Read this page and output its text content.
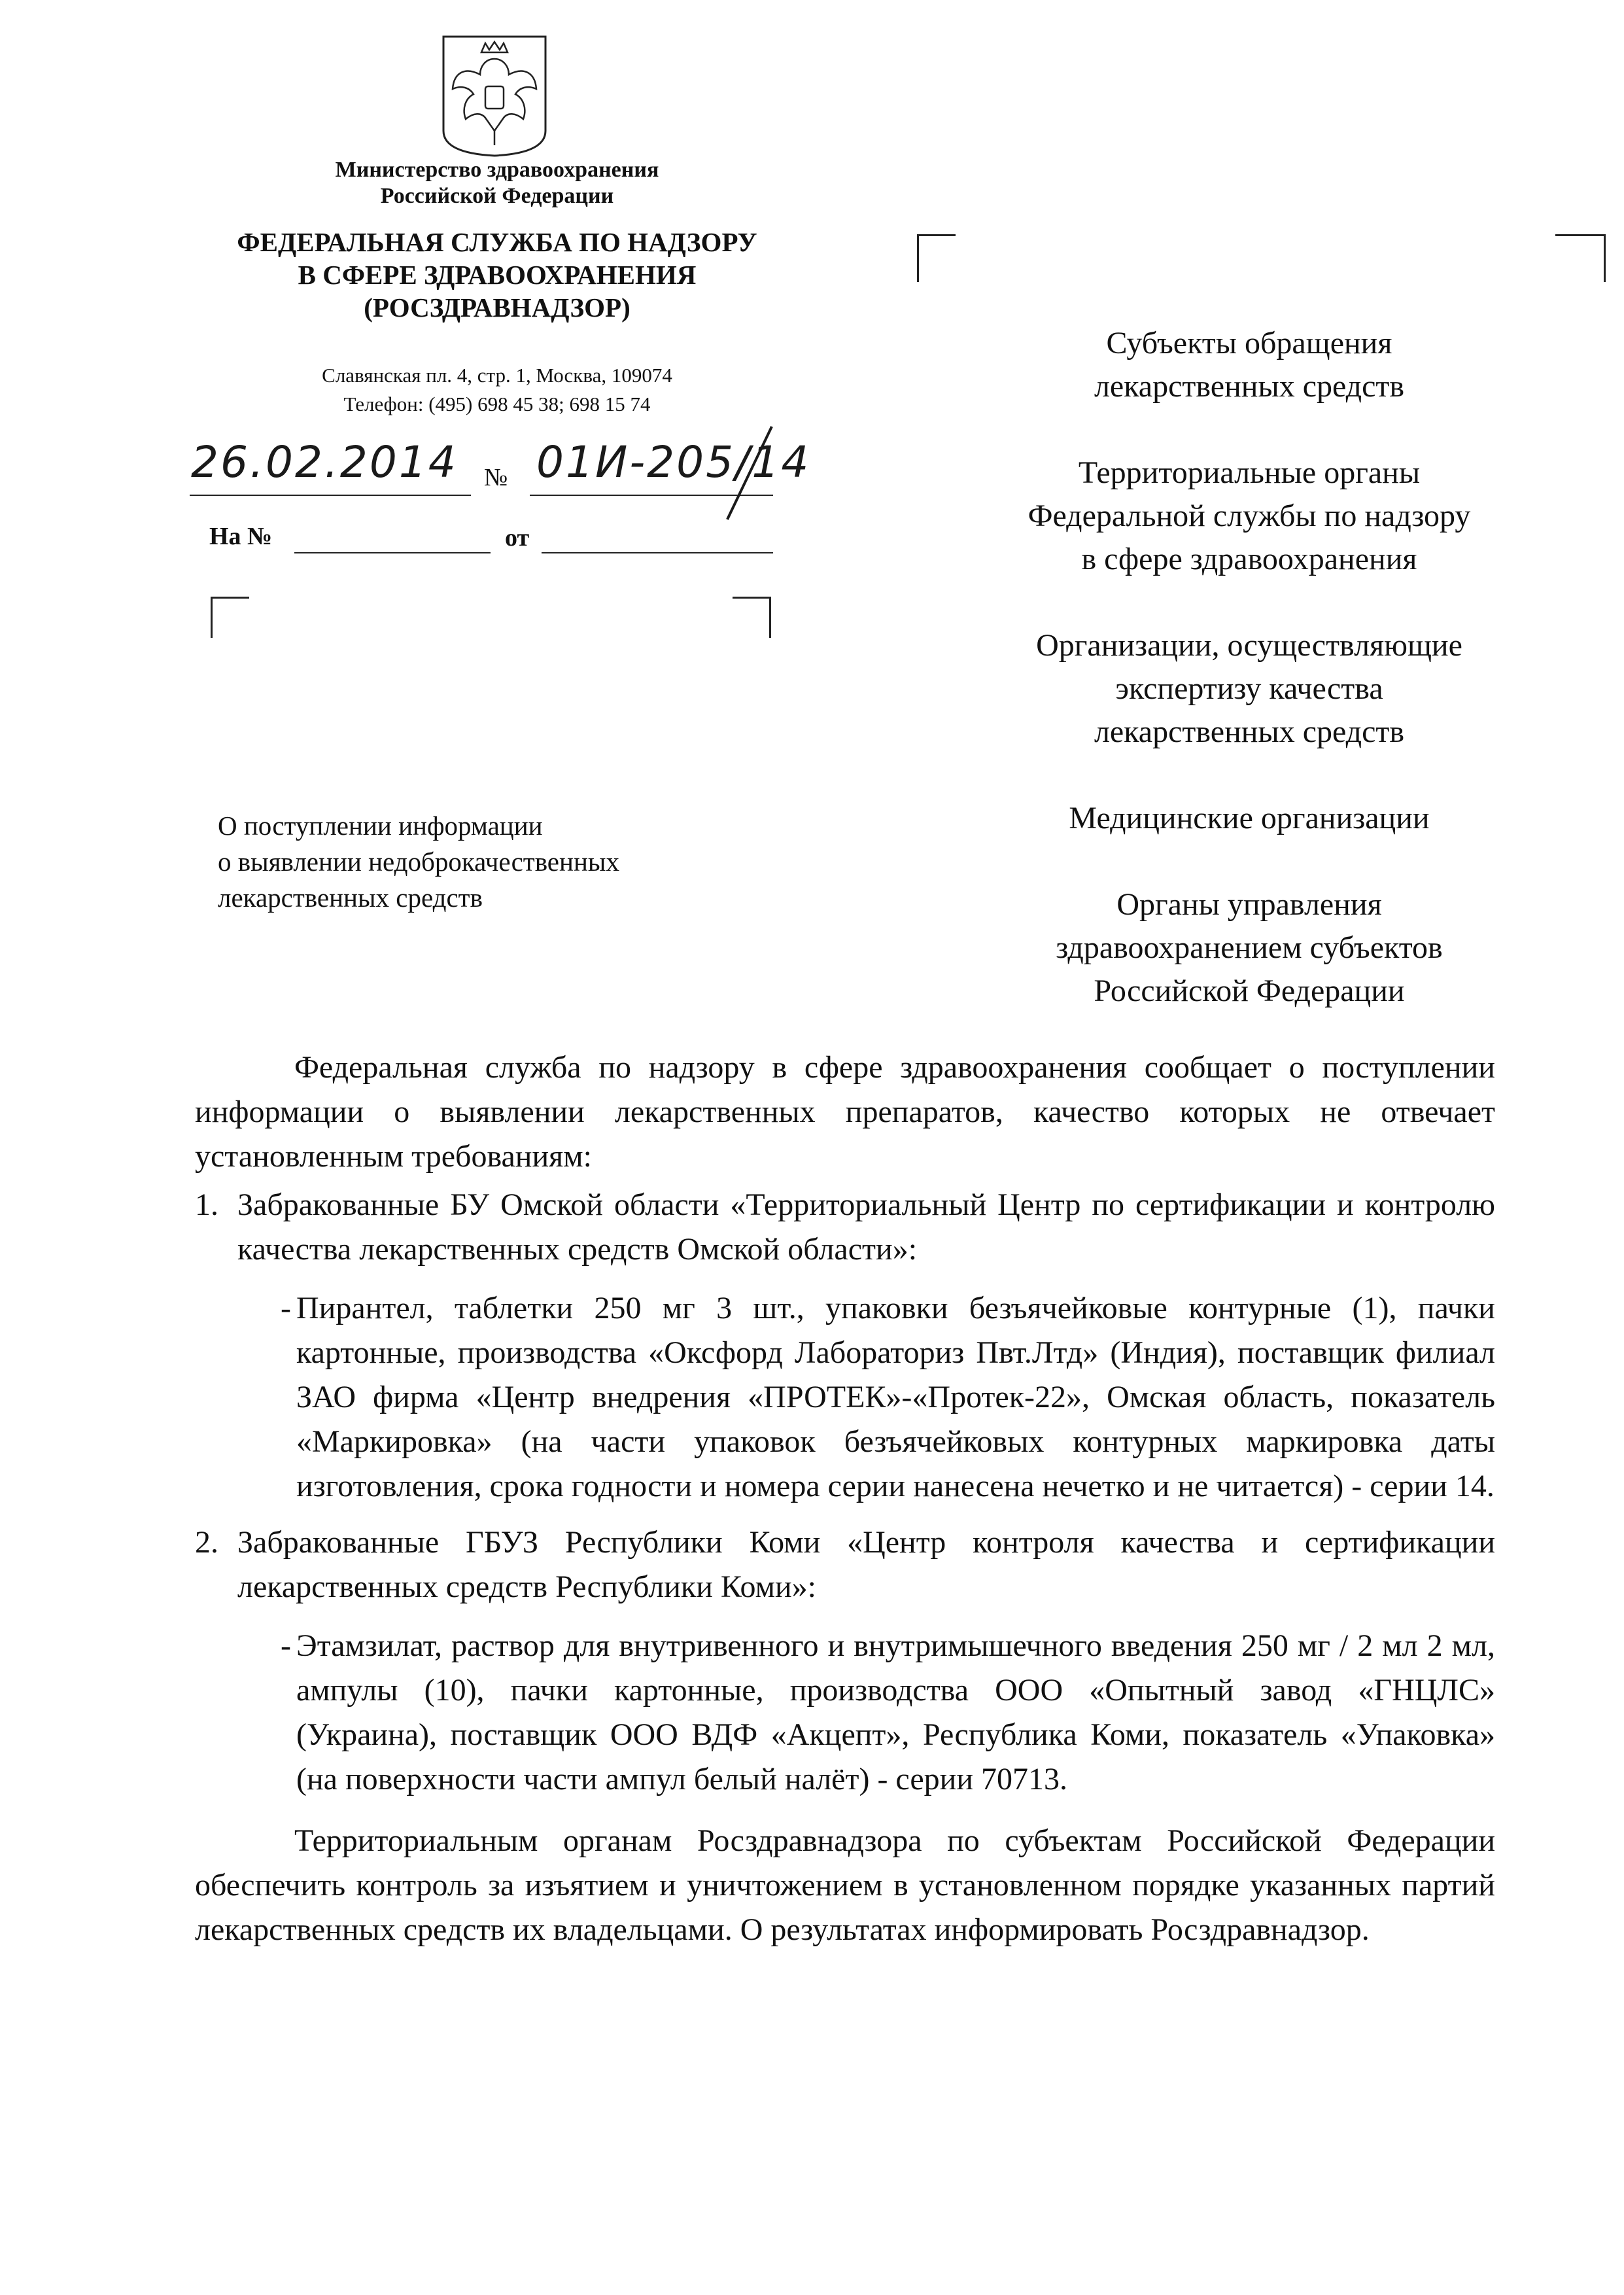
Министерство здравоохранения
Российской Федерации
ФЕДЕРАЛЬНАЯ СЛУЖБА ПО НАДЗОРУ
В СФЕРЕ ЗДРАВООХРАНЕНИЯ
(РОСЗДРАВНАДЗОР)
Славянская пл. 4, стр. 1, Москва, 109074
Телефон: (495) 698 45 38; 698 15 74
26.02.2014 № 01И-205/14
На №	от
О поступлении информации
о выявлении недоброкачественных
лекарственных средств
Субъекты обращения
лекарственных средств
Территориальные органы
Федеральной службы по надзору
в сфере здравоохранения
Организации, осуществляющие
экспертизу качества
лекарственных средств
Медицинские организации
Органы управления
здравоохранением субъектов
Российской Федерации

Федеральная служба по надзору в сфере здравоохранения сообщает о поступлении информации о выявлении лекарственных препаратов, качество которых не отвечает установленным требованиям:

1. Забракованные БУ Омской области «Территориальный Центр по сертификации и контролю качества лекарственных средств Омской области»:
- Пирантел, таблетки 250 мг 3 шт., упаковки безъячейковые контурные (1), пачки картонные, производства «Оксфорд Лабораториз Пвт.Лтд» (Индия), поставщик филиал ЗАО фирма «Центр внедрения «ПРОТЕК»-«Протек-22», Омская область, показатель «Маркировка» (на части упаковок безъячейковых контурных маркировка даты изготовления, срока годности и номера серии нанесена нечетко и не читается) - серии 14.
2. Забракованные ГБУЗ Республики Коми «Центр контроля качества и сертификации лекарственных средств Республики Коми»:
- Этамзилат, раствор для внутривенного и внутримышечного введения 250 мг / 2 мл 2 мл, ампулы (10), пачки картонные, производства ООО «Опытный завод «ГНЦЛС» (Украина), поставщик ООО ВДФ «Акцепт», Республика Коми, показатель «Упаковка» (на поверхности части ампул белый налёт) - серии 70713.

Территориальным органам Росздравнадзора по субъектам Российской Федерации обеспечить контроль за изъятием и уничтожением в установленном порядке указанных партий лекарственных средств их владельцами. О результатах информировать Росздравнадзор.
